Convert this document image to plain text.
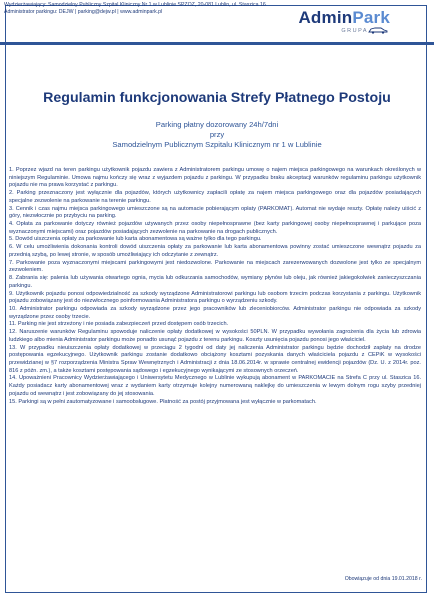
Wydzierżawiający: Samodzielny Publiczny Szpital Kliniczny Nr 1 w Lublinie SPZOZ, 20-081 Lublin, ul. Staszica 16
Administrator parkingu: DEJW | parking@dejw.pl | www.adminpark.pl	AdminPark
GRUPA
Regulamin funkcjonowania Strefy Płatnego Postoju
Parking płatny dozorowany 24h/7dni
przy
Samodzielnym Publicznym Szpitalu Klinicznym nr 1 w Lublinie

1. Poprzez wjazd na teren parkingu użytkownik pojazdu zawiera z Administratorem parkingu umowę o najem miejsca parkingowego na warunkach określonych w niniejszym Regulaminie. Umowa najmu kończy się wraz z wyjazdem pojazdu z parkingu. W przypadku braku akceptacji warunków regulaminu parkingu użytkownik pojazdu nie ma prawa korzystać z parkingu.

2. Parking przeznaczony jest wyłącznie dla pojazdów, których użytkownicy zapłacili opłatę za najem miejsca parkingowego oraz dla pojazdów posiadających specjalne zezwolenie na parkowanie na terenie parkingu.

3. Cennik i czas najmu miejsca parkingowego umieszczone są na automacie pobierającym opłaty (PARKOMAT). Automat nie wydaje reszty. Opłatę należy uiścić z góry, niezwłocznie po przybyciu na parking.

4. Opłata za parkowanie dotyczy również pojazdów używanych przez osoby niepełnosprawne (bez karty parkingowej osoby niepełnosprawnej i parkujące poza wyznaczonymi miejscami) oraz pojazdów posiadających zezwolenie na parkowanie na drogach publicznych.

5. Dowód uiszczenia opłaty za parkowanie lub karta abonamentowa są ważne tylko dla tego parkingu.

6. W celu umożliwienia dokonania kontroli dowód uiszczenia opłaty za parkowanie lub karta abonamentowa powinny zostać umieszczone wewnątrz pojazdu za przednią szybą, po lewej stronie, w sposób umożliwiający ich odczytanie z zewnątrz.

7. Parkowanie poza wyznaczonymi miejscami parkingowymi jest niedozwolone. Parkowanie na miejscach zarezerwowanych dozwolone jest tylko ze specjalnym zezwoleniem.

8. Zabrania się: palenia lub używania otwartego ognia, mycia lub odkurzania samochodów, wymiany płynów lub oleju, jak również jakiegokolwiek zanieczyszczania parkingu.

9. Użytkownik pojazdu ponosi odpowiedzialność za szkody wyrządzone Administratorowi parkingu lub osobom trzecim podczas korzystania z parkingu. Użytkownik pojazdu zobowiązany jest do niezwłocznego poinformowania Administratora parkingu o wyrządzeniu szkody.

10. Administrator parkingu odpowiada za szkody wyrządzone przez jego pracowników lub zleceniobiorców. Administrator parkingu nie odpowiada za szkody wyrządzone przez osoby trzecie.

11. Parking nie jest strzeżony i nie posiada zabezpieczeń przed dostępem osób trzecich.

12. Naruszenie warunków Regulaminu spowoduje naliczenie opłaty dodatkowej w wysokości 50PLN. W przypadku wywołania zagrożenia dla życia lub zdrowia ludzkiego albo mienia Administrator parkingu może ponadto usunąć pojazdu z terenu parkingu. Koszty usunięcia pojazdu ponosi jego właściciel.

13. W przypadku nieuiszczenia opłaty dodatkowej w przeciągu 2 tygodni od daty jej naliczenia Administrator parkingu będzie dochodził zapłaty na drodze postępowania egzekucyjnego. Użytkownik parkingu zostanie dodatkowo obciążony kosztami pozyskania danych właściciela pojazdu z CEPiK w wysokości przewidzianej w §7 rozporządzenia Ministra Spraw Wewnętrznych i Administracji z dnia 18.06.2014r. w sprawie centralnej ewidencji pojazdów (Dz. U. z 2014r. poz. 816 z późn. zm.), a także kosztami postępowania sądowego i egzekucyjnego wynikającymi ze stosownych orzeczeń.

14. Upoważnieni Pracownicy Wydzierżawiającego i Uniwersytetu Medycznego w Lublinie wykupują abonament w PARKOMACIE na Strefa C przy ul. Staszica 16. Każdy posiadacz karty abonamentowej wraz z wydaniem karty otrzymuje kolejny numerowaną naklejkę do umieszczenia w lewym dolnym rogu szyby przedniej pojazdu od wewnątrz i jest zobowiązany do jej stosowania.

15. Parkingi są w pełni zautomatyzowane i samoobsługowe. Płatność za postój przyjmowana jest wyłącznie w parkomatach.

Obowiązuje od dnia 19.01.2018 r.
